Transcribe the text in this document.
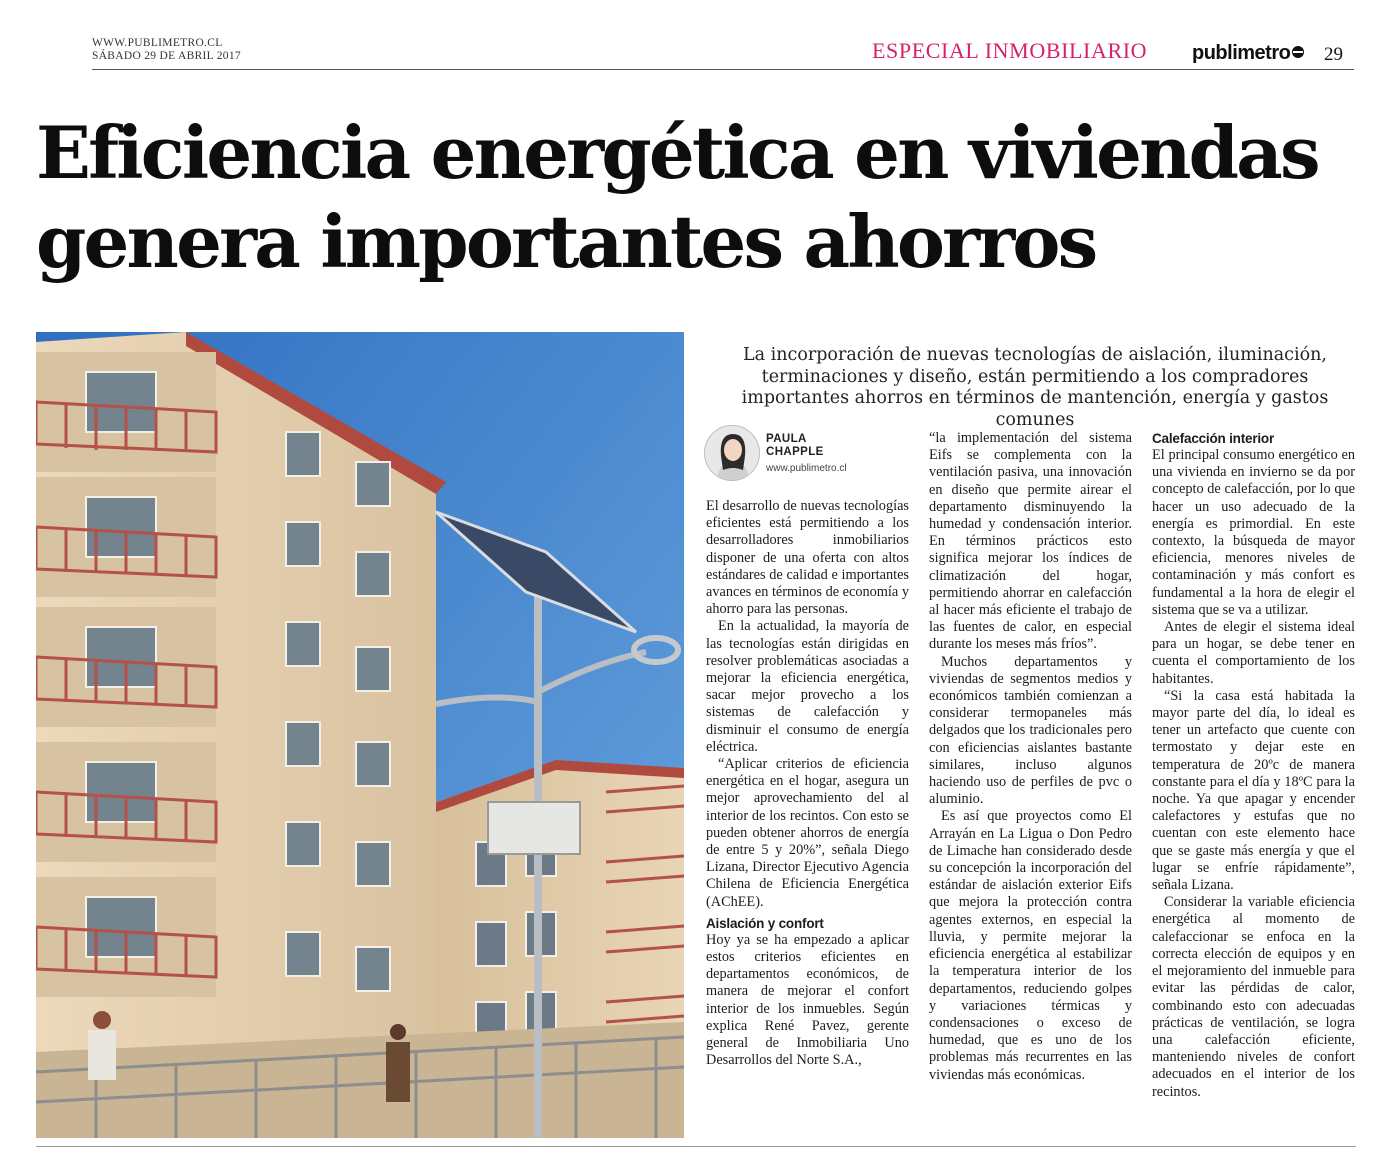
WWW.PUBLIMETRO.CL
SÁBADO 29 DE ABRIL 2017	ESPECIAL INMOBILIARIO publimetro	29
Eficiencia energética en viviendas
genera importantes ahorros
La incorporación de nuevas tecnologías de aislación, iluminación, terminaciones y diseño, están permitiendo a los compradores importantes ahorros en términos de mantención, energía y gastos comunes
PAULA
CHAPPLE
www.publimetro.cl

El desarrollo de nuevas tecnologías eficientes está permitiendo a los desarrolladores inmobiliarios disponer de una oferta con altos estándares de calidad e importantes avances en términos de economía y ahorro para las personas.

En la actualidad, la mayoría de las tecnologías están dirigidas en resolver problemáticas asociadas a mejorar la eficiencia energética, sacar mejor provecho a los sistemas de calefacción y disminuir el consumo de energía eléctrica.

“Aplicar criterios de eficiencia energética en el hogar, asegura un mejor aprovechamiento del al interior de los recintos. Con esto se pueden obtener ahorros de energía de entre 5 y 20%”, señala Diego Lizana, Director Ejecutivo Agencia Chilena de Eficiencia Energética (AChEE).

Aislación y confort

Hoy ya se ha empezado a aplicar estos criterios eficientes en departamentos económicos, de manera de mejorar el confort interior de los inmuebles. Según explica René Pavez, gerente general de Inmobiliaria Uno Desarrollos del Norte S.A.,

“la implementación del sistema Eifs se complementa con la ventilación pasiva, una innovación en diseño que permite airear el departamento disminuyendo la humedad y condensación interior. En términos prácticos esto significa mejorar los índices de climatización del hogar, permitiendo ahorrar en calefacción al hacer más eficiente el trabajo de las fuentes de calor, en especial durante los meses más fríos”.

Muchos departamentos y viviendas de segmentos medios y económicos también comienzan a considerar termopaneles más delgados que los tradicionales pero con eficiencias aislantes bastante similares, incluso algunos haciendo uso de perfiles de pvc o aluminio.

Es así que proyectos como El Arrayán en La Ligua o Don Pedro de Limache han considerado desde su concepción la incorporación del estándar de aislación exterior Eifs que mejora la protección contra agentes externos, en especial la lluvia, y permite mejorar la eficiencia energética al estabilizar la temperatura interior de los departamentos, reduciendo golpes y variaciones térmicas y condensaciones o exceso de humedad, que es uno de los problemas más recurrentes en las viviendas más económicas.

Calefacción interior

El principal consumo energético en una vivienda en invierno se da por concepto de calefacción, por lo que hacer un uso adecuado de la energía es primordial. En este contexto, la búsqueda de mayor eficiencia, menores niveles de contaminación y más confort es fundamental a la hora de elegir el sistema que se va a utilizar.

Antes de elegir el sistema ideal para un hogar, se debe tener en cuenta el comportamiento de los habitantes.

“Si la casa está habitada la mayor parte del día, lo ideal es tener un artefacto que cuente con termostato y dejar este en temperatura de 20ºc de manera constante para el día y 18ºC para la noche. Ya que apagar y encender calefactores y estufas que no cuentan con este elemento hace que se gaste más energía y que el lugar se enfríe rápidamente”, señala Lizana.

Considerar la variable eficiencia energética al momento de calefaccionar se enfoca en la correcta elección de equipos y en el mejoramiento del inmueble para evitar las pérdidas de calor, combinando esto con adecuadas prácticas de ventilación, se logra una calefacción eficiente, manteniendo niveles de confort adecuados en el interior de los recintos.
